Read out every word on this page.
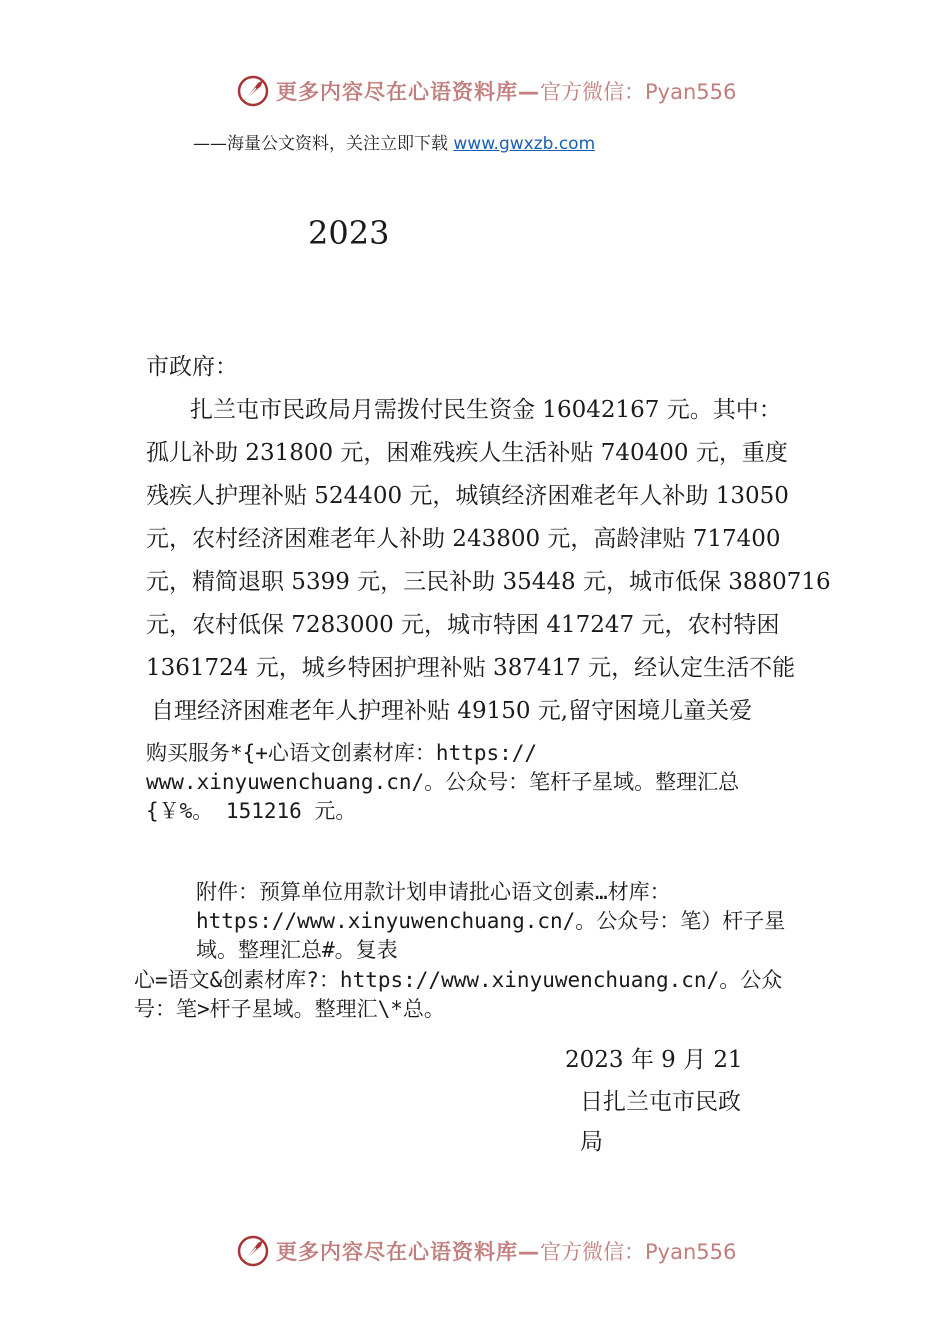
更多内容尽在心语资料库— 官方微信：Pyan556
——海量公文资料，关注立即下载 www.gwxzb.com
2023
市政府：
扎兰屯市民政局月需拨付民生资金 16042167 元。其中：
孤儿补助 231800 元，困难残疾人生活补贴 740400 元，重度
残疾人护理补贴 524400 元，城镇经济困难老年人补助 13050
元，农村经济困难老年人补助 243800 元，高龄津贴 717400
元，精简退职 5399 元，三民补助 35448 元，城市低保 3880716
元，农村低保 7283000 元，城市特困 417247 元，农村特困
1361724 元，城乡特困护理补贴 387417 元，经认定生活不能
自理经济困难老年人护理补贴 49150 元,留守困境儿童关爱
购买服务*{+心语文创素材库：https://
www.xinyuwenchuang.cn/。公众号：笔杆子星域。整理汇总
{￥%。 151216 元。
附件：预算单位用款计划申请批心语文创素…材库：
https://www.xinyuwenchuang.cn/。公众号：笔）杆子星
域。整理汇总#。复表
心=语文&创素材库?：https://www.xinyuwenchuang.cn/。公众
号：笔>杆子星域。整理汇\*总。
2023 年 9 月 21
日扎兰屯市民政
局
更多内容尽在心语资料库— 官方微信：Pyan556
